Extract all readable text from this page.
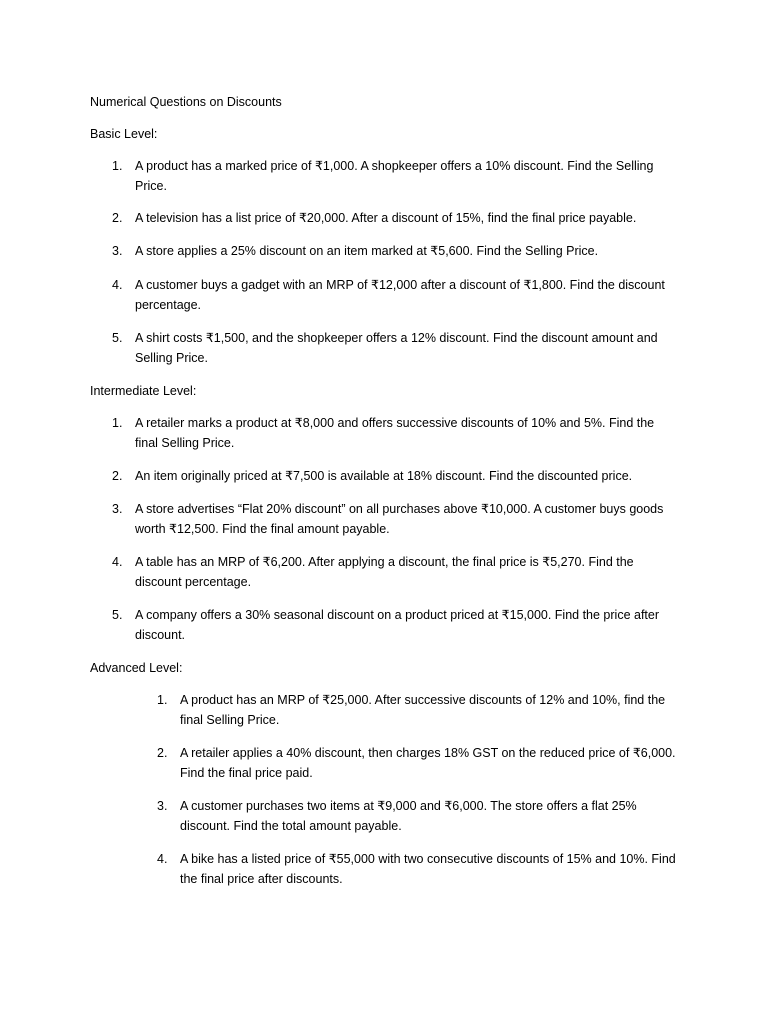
Numerical Questions on Discounts
Basic Level:
1.	A product has a marked price of ₹1,000. A shopkeeper offers a 10% discount. Find the Selling Price.
2.	A television has a list price of ₹20,000. After a discount of 15%, find the final price payable.
3.	A store applies a 25% discount on an item marked at ₹5,600. Find the Selling Price.
4.	A customer buys a gadget with an MRP of ₹12,000 after a discount of ₹1,800. Find the discount percentage.
5.	A shirt costs ₹1,500, and the shopkeeper offers a 12% discount. Find the discount amount and Selling Price.
Intermediate Level:
1.	A retailer marks a product at ₹8,000 and offers successive discounts of 10% and 5%. Find the final Selling Price.
2.	An item originally priced at ₹7,500 is available at 18% discount. Find the discounted price.
3.	A store advertises “Flat 20% discount” on all purchases above ₹10,000. A customer buys goods worth ₹12,500. Find the final amount payable.
4.	A table has an MRP of ₹6,200. After applying a discount, the final price is ₹5,270. Find the discount percentage.
5.	A company offers a 30% seasonal discount on a product priced at ₹15,000. Find the price after discount.
Advanced Level:
1.	A product has an MRP of ₹25,000. After successive discounts of 12% and 10%, find the final Selling Price.
2.	A retailer applies a 40% discount, then charges 18% GST on the reduced price of ₹6,000. Find the final price paid.
3.	A customer purchases two items at ₹9,000 and ₹6,000. The store offers a flat 25% discount. Find the total amount payable.
4.	A bike has a listed price of ₹55,000 with two consecutive discounts of 15% and 10%. Find the final price after discounts.
